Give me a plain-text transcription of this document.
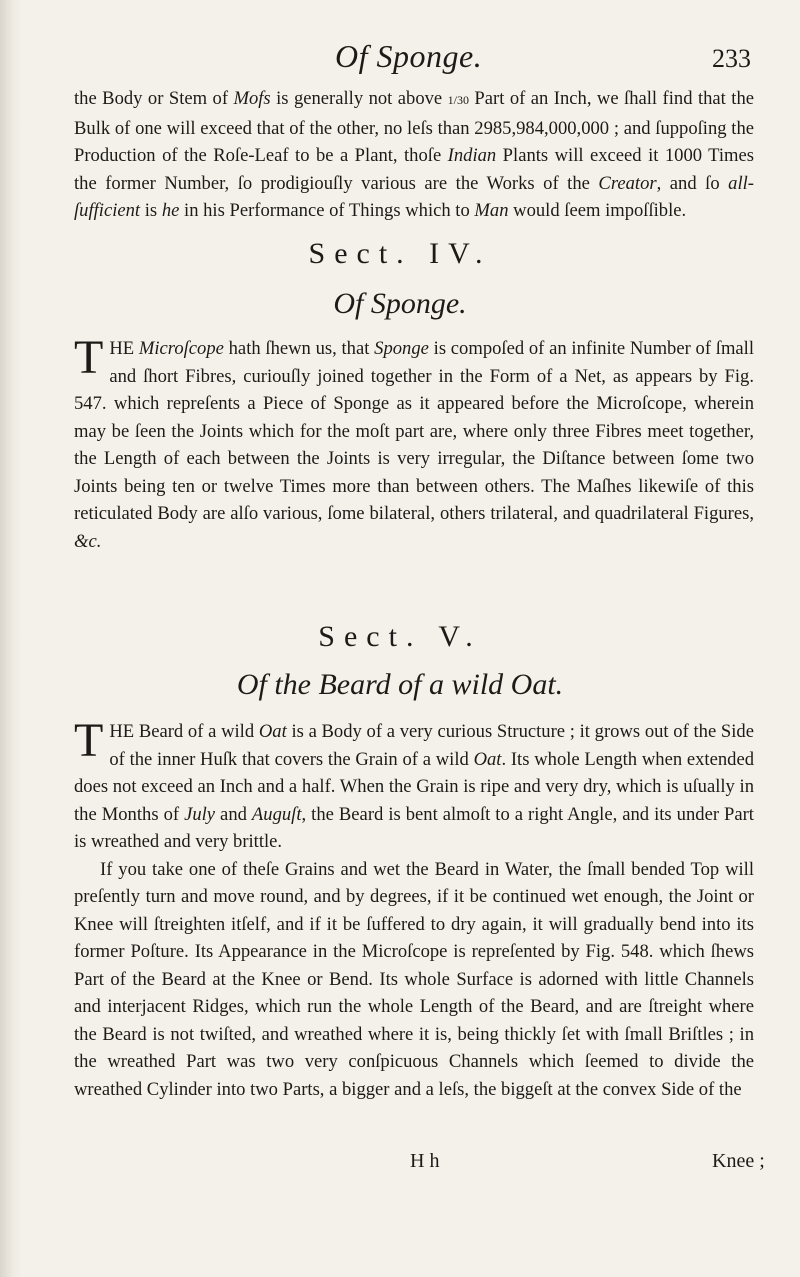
Of Sponge.	233

the Body or Stem of Mofs is generally not above 1/30 Part of an Inch, we ſhall find that the Bulk of one will exceed that of the other, no leſs than 2985,984,000,000 ; and ſuppoſing the Production of the Roſe-Leaf to be a Plant, thoſe Indian Plants will exceed it 1000 Times the former Number, ſo prodigiouſly various are the Works of the Creator, and ſo all-ſufficient is he in his Performance of Things which to Man would ſeem impoſſible.

Sect. IV.
Of Sponge.

THE Microſcope hath ſhewn us, that Sponge is compoſed of an infinite Number of ſmall and ſhort Fibres, curiouſly joined together in the Form of a Net, as appears by Fig. 547. which repreſents a Piece of Sponge as it appeared before the Microſcope, wherein may be ſeen the Joints which for the moſt part are, where only three Fibres meet together, the Length of each between the Joints is very irregular, the Diſtance between ſome two Joints being ten or twelve Times more than between others. The Maſhes likewiſe of this reticulated Body are alſo various, ſome bilateral, others trilateral, and quadrilateral Figures, &c.

Sect. V.
Of the Beard of a wild Oat.

THE Beard of a wild Oat is a Body of a very curious Structure ; it grows out of the Side of the inner Huſk that covers the Grain of a wild Oat. Its whole Length when extended does not exceed an Inch and a half. When the Grain is ripe and very dry, which is uſually in the Months of July and Auguſt, the Beard is bent almoſt to a right Angle, and its under Part is wreathed and very brittle.

If you take one of theſe Grains and wet the Beard in Water, the ſmall bended Top will preſently turn and move round, and by degrees, if it be continued wet enough, the Joint or Knee will ſtreighten itſelf, and if it be ſuffered to dry again, it will gradually bend into its former Poſture. Its Appearance in the Microſcope is repreſented by Fig. 548. which ſhews Part of the Beard at the Knee or Bend. Its whole Surface is adorned with little Channels and interjacent Ridges, which run the whole Length of the Beard, and are ſtreight where the Beard is not twiſted, and wreathed where it is, being thickly ſet with ſmall Briſtles ; in the wreathed Part was two very conſpicuous Channels which ſeemed to divide the wreathed Cylinder into two Parts, a bigger and a leſs, the biggeſt at the convex Side of the

H h	Knee ;
